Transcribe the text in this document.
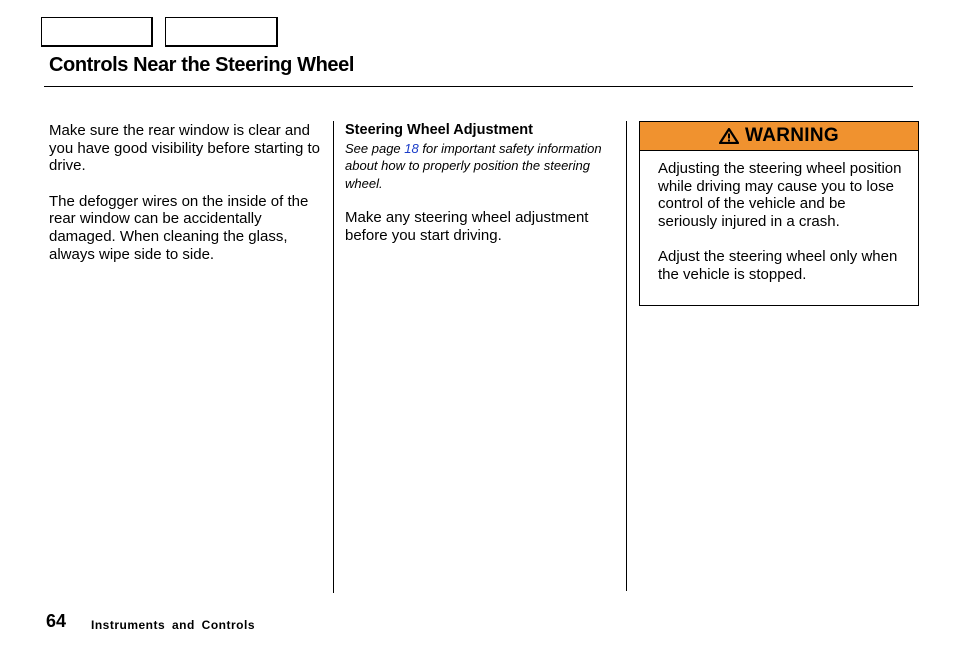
Controls Near the Steering Wheel

Make sure the rear window is clear and you have good visibility before starting to drive.

The defogger wires on the inside of the rear window can be accidentally damaged. When cleaning the glass, always wipe side to side.

Steering Wheel Adjustment

See page 18 for important safety information about how to properly position the steering wheel.

Make any steering wheel adjustment before you start driving.

WARNING

Adjusting the steering wheel position while driving may cause you to lose control of the vehicle and be seriously injured in a crash.

Adjust the steering wheel only when the vehicle is stopped.

64 Instruments and Controls
